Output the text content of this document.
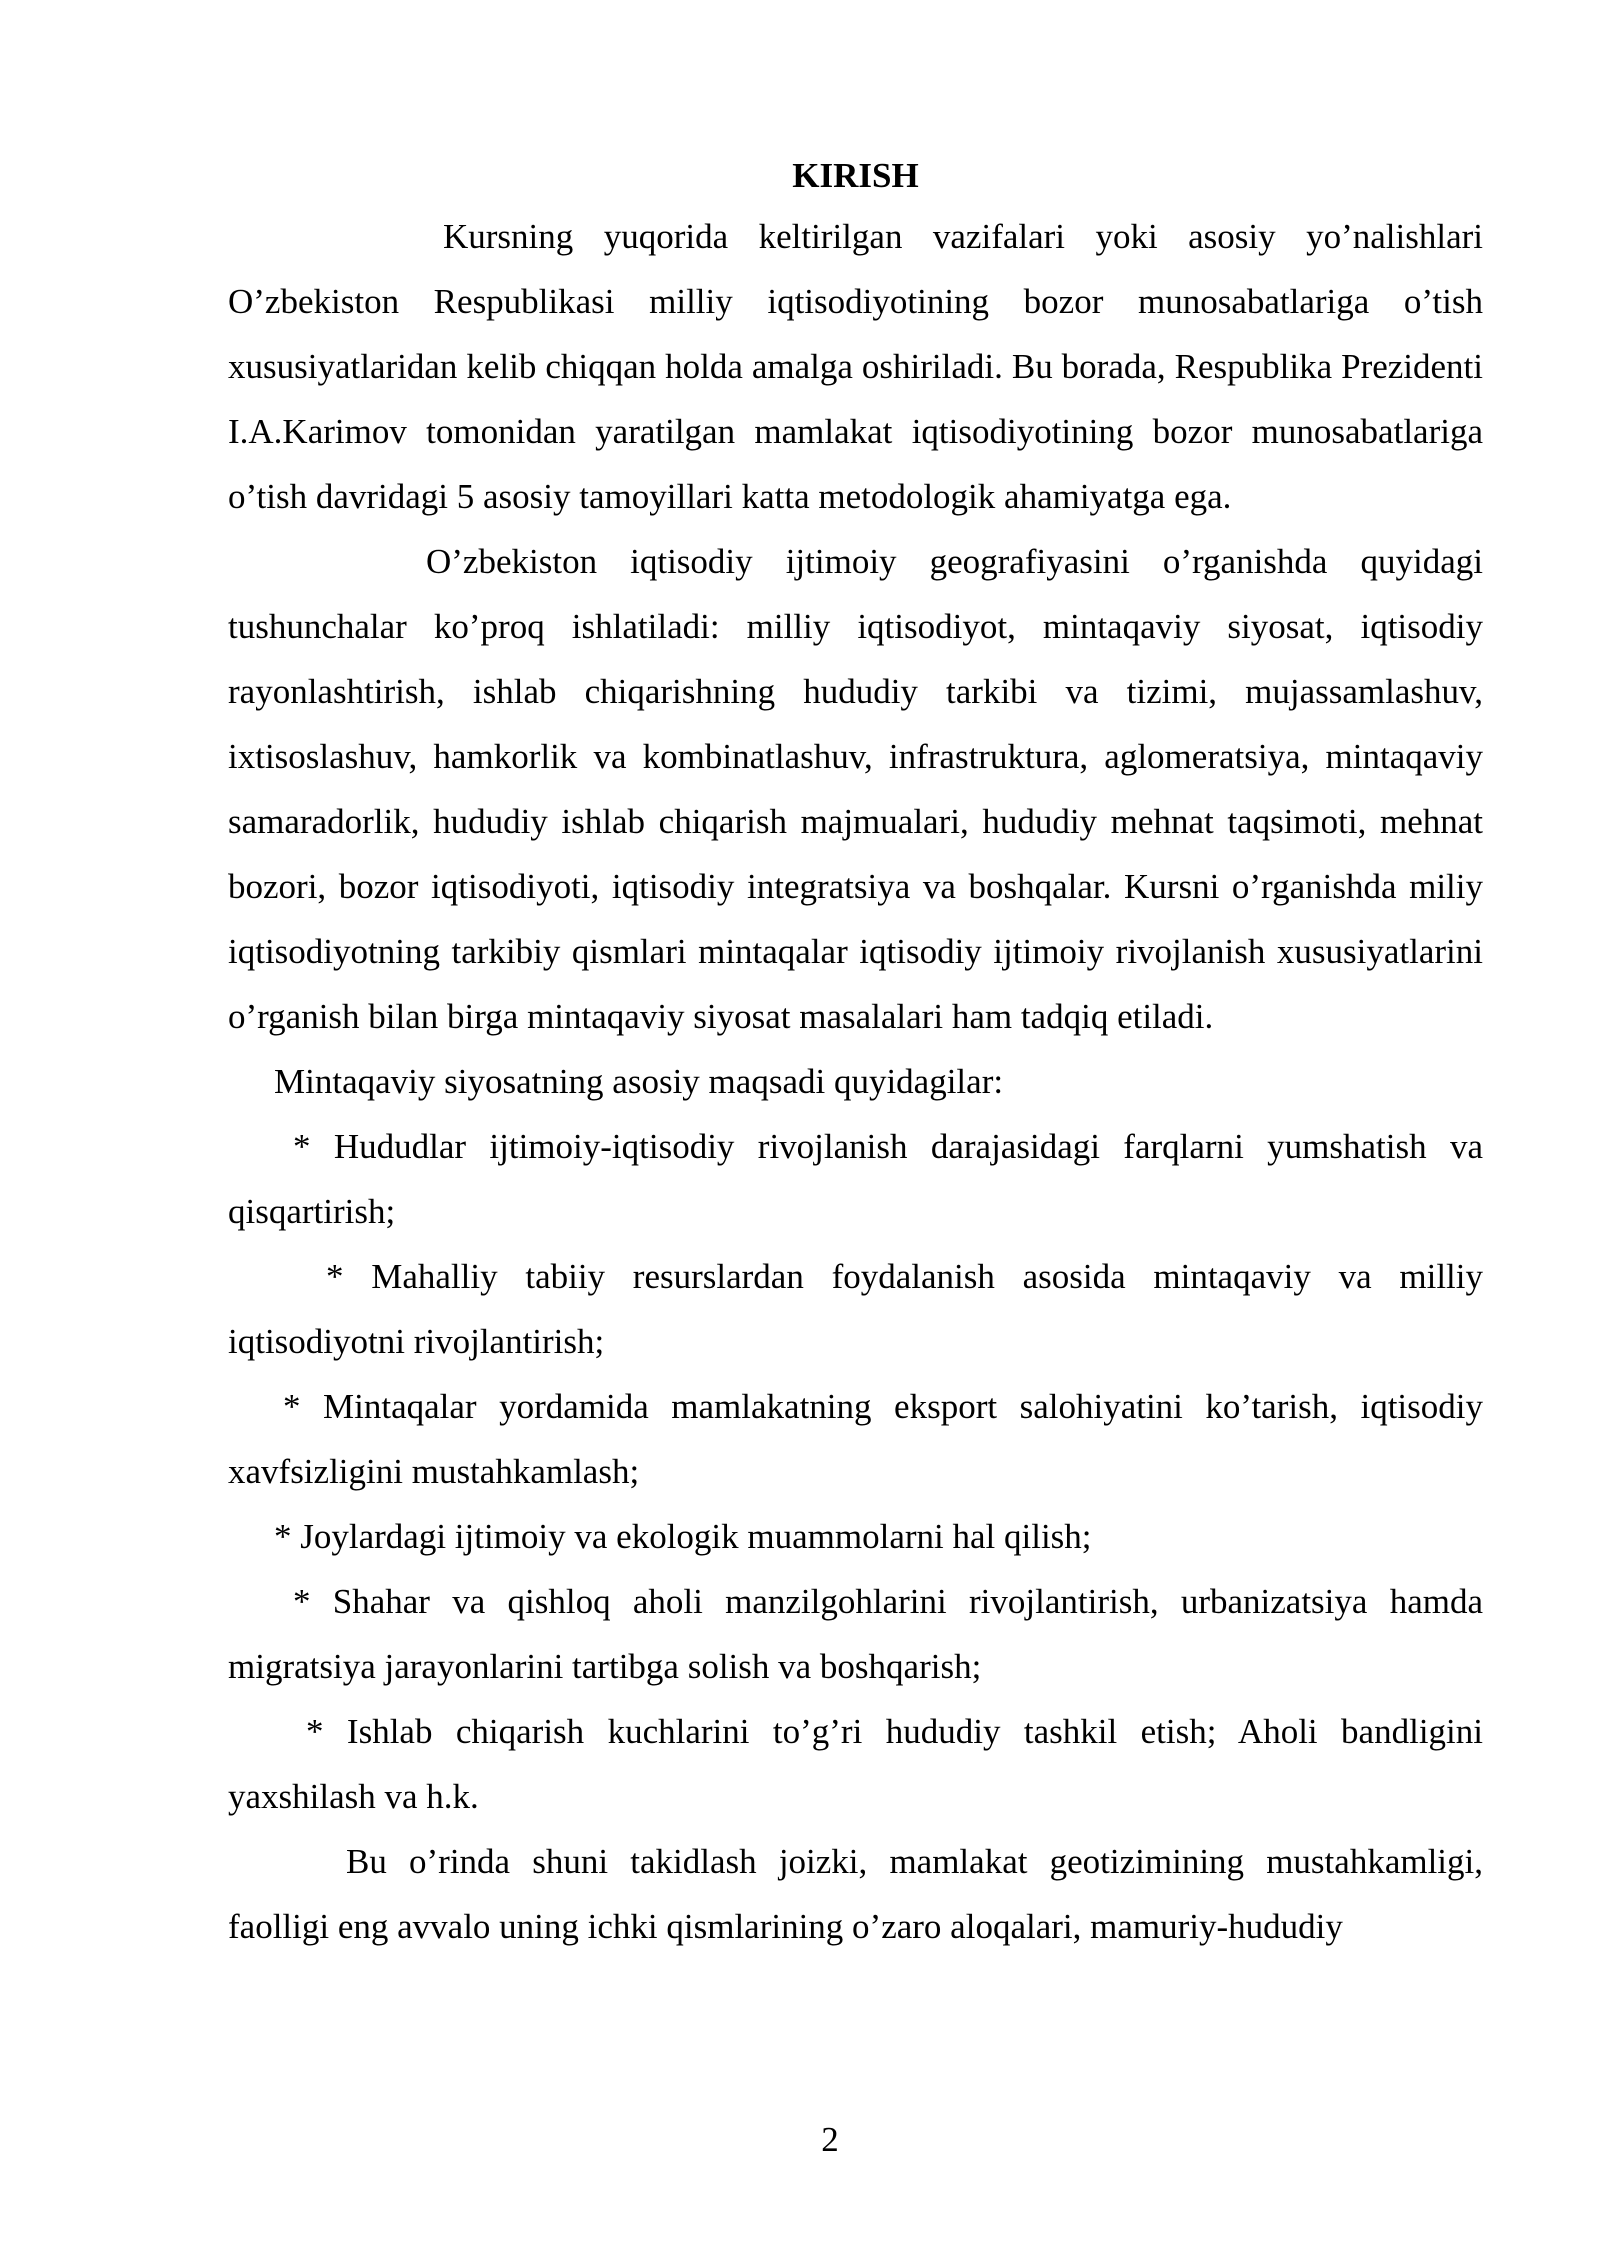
KIRISH

Kursning yuqorida keltirilgan vazifalari yoki asosiy yo’nalishlari O’zbekiston Respublikasi milliy iqtisodiyotining bozor munosabatlariga o’tish xususiyatlaridan kelib chiqqan holda amalga oshiriladi. Bu borada, Respublika Prezidenti I.A.Karimov tomonidan yaratilgan mamlakat iqtisodiyotining bozor munosabatlariga o’tish davridagi 5 asosiy tamoyillari katta metodologik ahamiyatga ega.

O’zbekiston iqtisodiy ijtimoiy geografiyasini o’rganishda quyidagi tushunchalar ko’proq ishlatiladi: milliy iqtisodiyot, mintaqaviy siyosat, iqtisodiy rayonlashtirish, ishlab chiqarishning hududiy tarkibi va tizimi, mujassamlashuv, ixtisoslashuv, hamkorlik va kombinatlashuv, infrastruktura, aglomeratsiya, mintaqaviy samaradorlik, hududiy ishlab chiqarish majmualari, hududiy mehnat taqsimoti, mehnat bozori, bozor iqtisodiyoti, iqtisodiy integratsiya va boshqalar. Kursni o’rganishda miliy iqtisodiyotning tarkibiy qismlari mintaqalar iqtisodiy ijtimoiy rivojlanish xususiyatlarini o’rganish bilan birga mintaqaviy siyosat masalalari ham tadqiq etiladi.

Mintaqaviy siyosatning asosiy maqsadi quyidagilar:

* Hududlar ijtimoiy-iqtisodiy rivojlanish darajasidagi farqlarni yumshatish va qisqartirish;

* Mahalliy tabiiy resurslardan foydalanish asosida mintaqaviy va milliy iqtisodiyotni rivojlantirish;

* Mintaqalar yordamida mamlakatning eksport salohiyatini ko’tarish, iqtisodiy xavfsizligini mustahkamlash;

* Joylardagi ijtimoiy va ekologik muammolarni hal qilish;

* Shahar va qishloq aholi manzilgohlarini rivojlantirish, urbanizatsiya hamda migratsiya jarayonlarini tartibga solish va boshqarish;

* Ishlab chiqarish kuchlarini to’g’ri hududiy tashkil etish; Aholi bandligini yaxshilash va h.k.

Bu o’rinda shuni takidlash joizki, mamlakat geotizimining mustahkamligi, faolligi eng avvalo uning ichki qismlarining o’zaro aloqalari, mamuriy-hududiy

2
